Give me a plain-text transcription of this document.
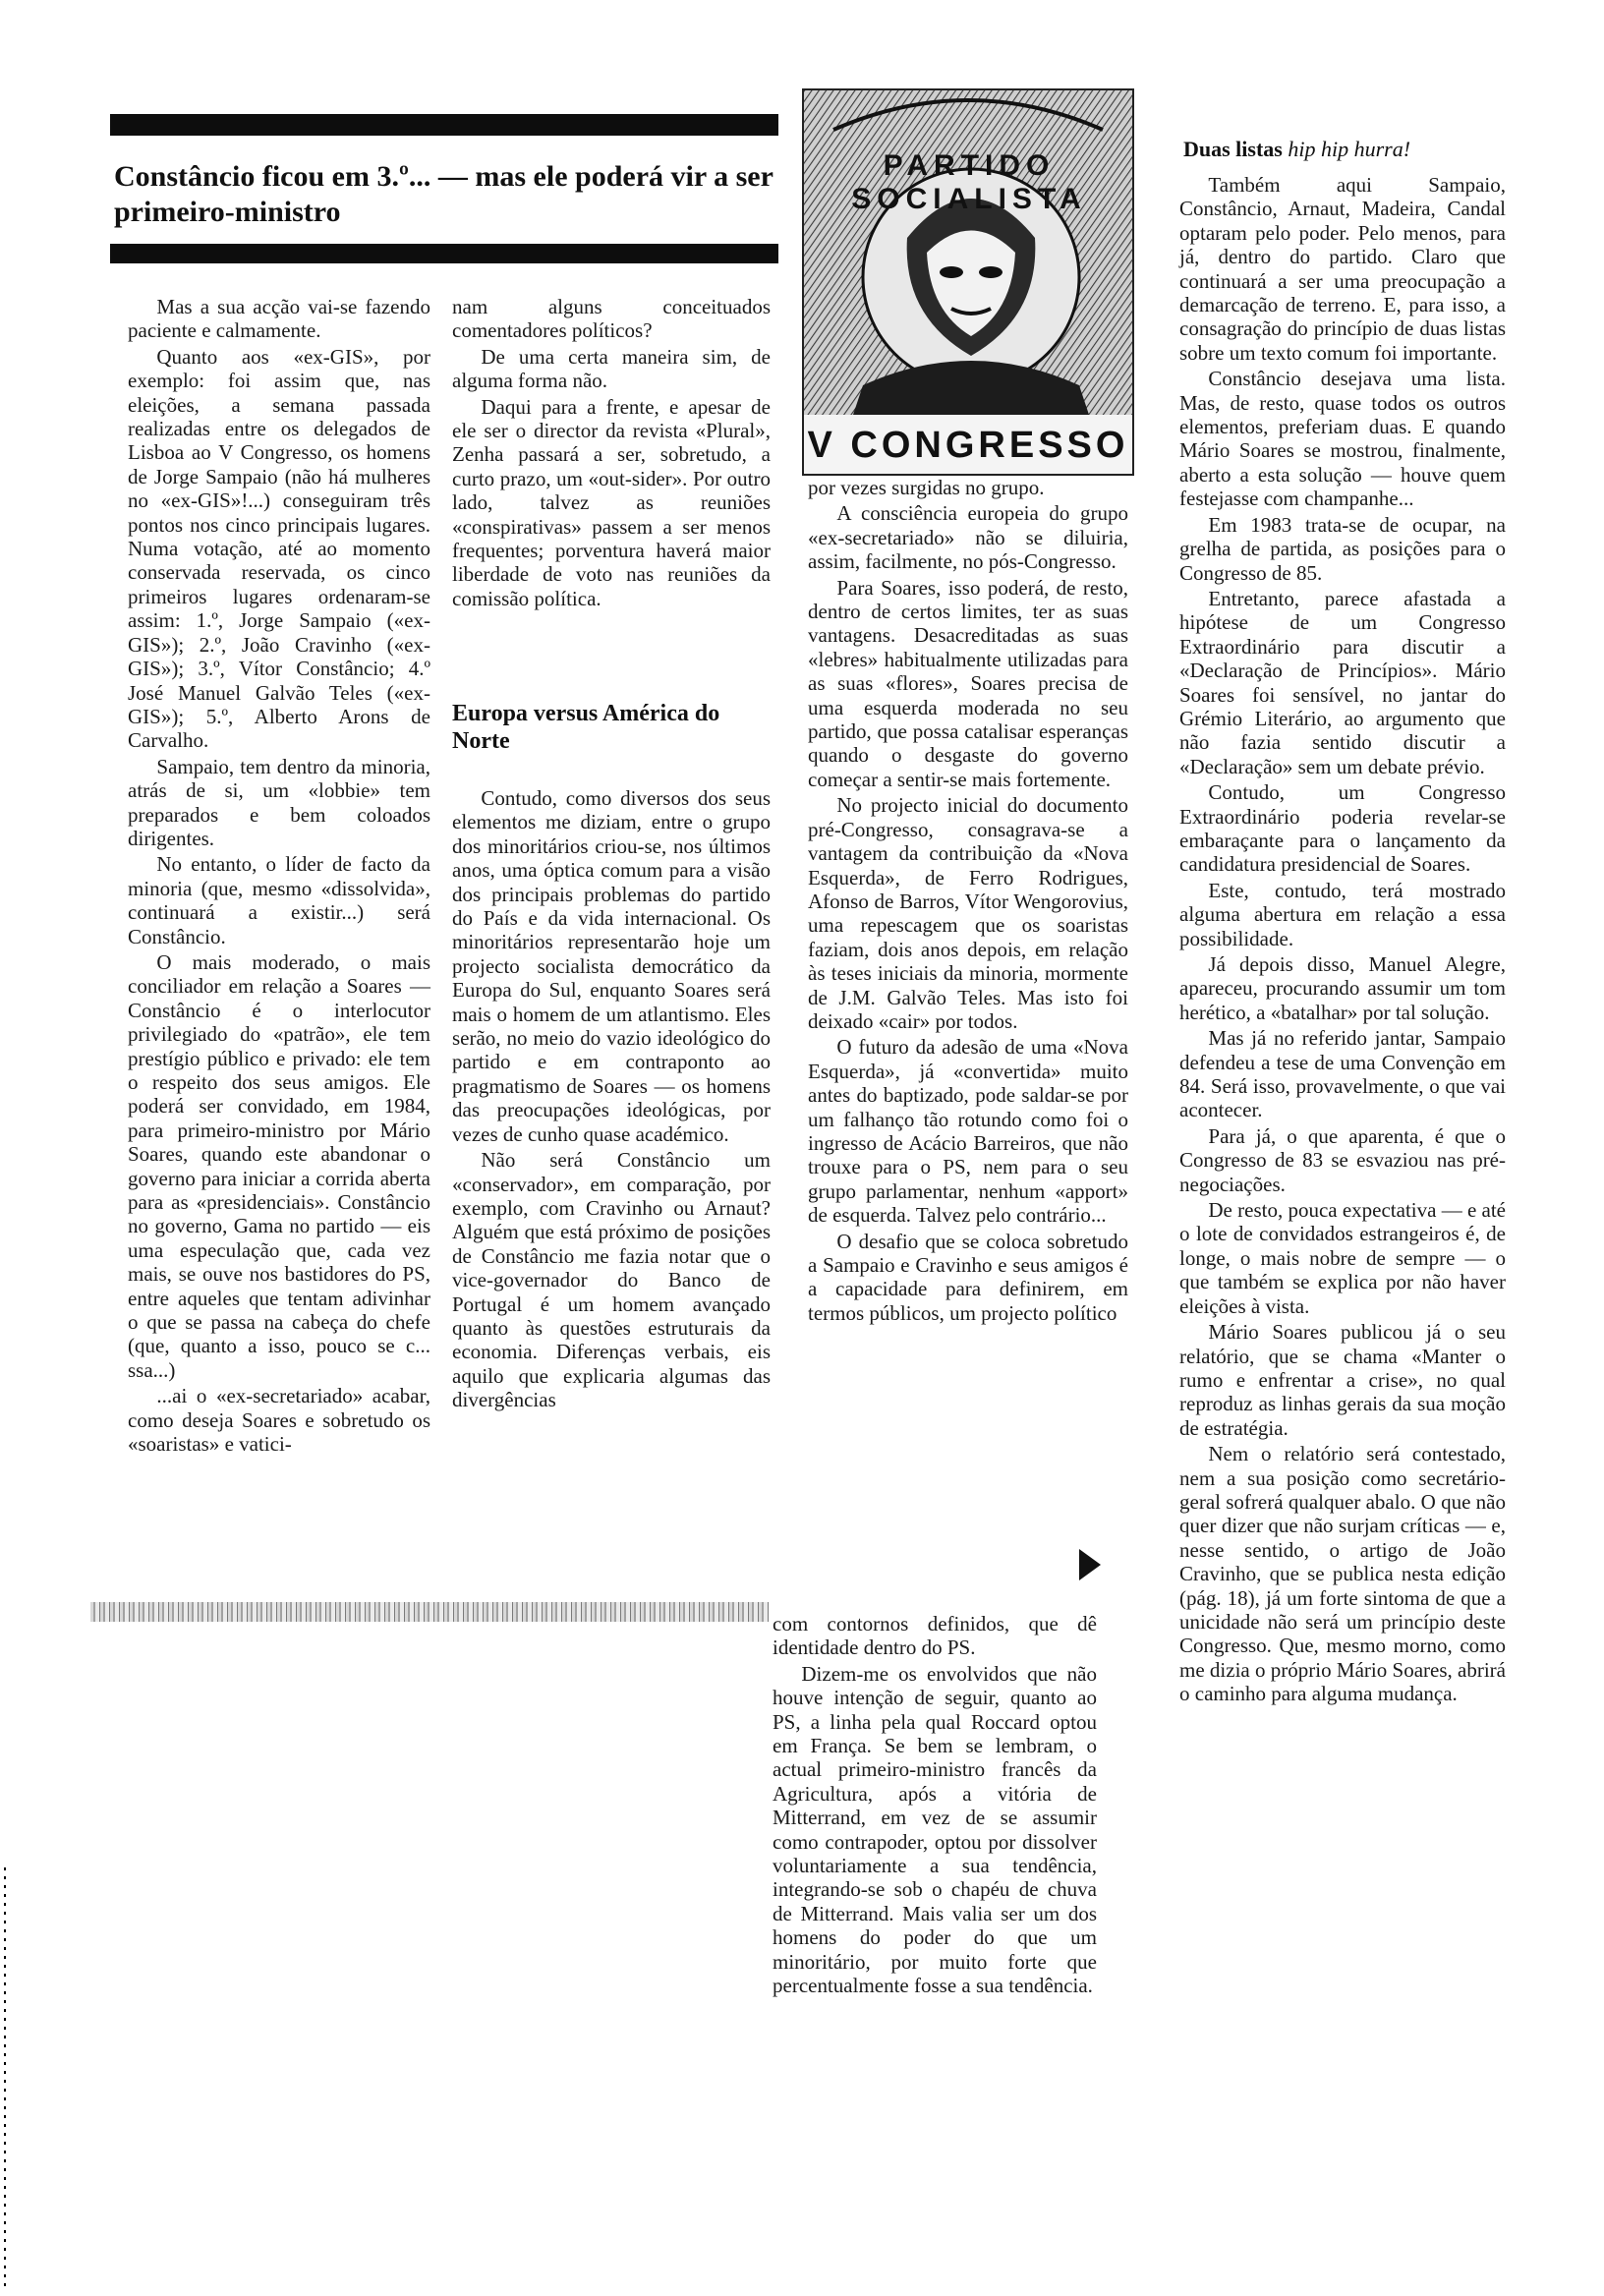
Constâncio ficou em 3.º... — mas ele poderá vir a ser primeiro-ministro
PARTIDO SOCIALISTA
V CONGRESSO

Mas a sua acção vai-se fazendo paciente e calmamente.

Quanto aos «ex-GIS», por exemplo: foi assim que, nas eleições, a semana passada realizadas entre os delegados de Lisboa ao V Congresso, os homens de Jorge Sampaio (não há mulheres no «ex-GIS»!...) conseguiram três pontos nos cinco principais lugares. Numa votação, até ao momento conservada reservada, os cinco primeiros lugares ordenaram-se assim: 1.º, Jorge Sampaio («ex-GIS»); 2.º, João Cravinho («ex-GIS»); 3.º, Vítor Constâncio; 4.º José Manuel Galvão Teles («ex-GIS»); 5.º, Alberto Arons de Carvalho.

Sampaio, tem dentro da minoria, atrás de si, um «lobbie» tem preparados e bem coloados dirigentes.

No entanto, o líder de facto da minoria (que, mesmo «dissolvida», continuará a existir...) será Constâncio.

O mais moderado, o mais conciliador em relação a Soares — Constâncio é o interlocutor privilegiado do «patrão», ele tem prestígio público e privado: ele tem o respeito dos seus amigos. Ele poderá ser convidado, em 1984, para primeiro-ministro por Mário Soares, quando este abandonar o governo para iniciar a corrida aberta para as «presidenciais». Constâncio no governo, Gama no partido — eis uma especulação que, cada vez mais, se ouve nos bastidores do PS, entre aqueles que tentam adivinhar o que se passa na cabeça do chefe (que, quanto a isso, pouco se c... ssa...)

...ai o «ex-secretariado» acabar, como deseja Soares e sobretudo os «soaristas» e vatici-

nam alguns conceituados comentadores políticos?

De uma certa maneira sim, de alguma forma não.

Daqui para a frente, e apesar de ele ser o director da revista «Plural», Zenha passará a ser, sobretudo, a curto prazo, um «out-sider». Por outro lado, talvez as reuniões «conspirativas» passem a ser menos frequentes; porventura haverá maior liberdade de voto nas reuniões da comissão política.

Europa versus América do Norte

Contudo, como diversos dos seus elementos me diziam, entre o grupo dos minoritários criou-se, nos últimos anos, uma óptica comum para a visão dos principais problemas do partido do País e da vida internacional. Os minoritários representarão hoje um projecto socialista democrático da Europa do Sul, enquanto Soares será mais o homem de um atlantismo. Eles serão, no meio do vazio ideológico do partido e em contraponto ao pragmatismo de Soares — os homens das preocupações ideológicas, por vezes de cunho quase académico.

Não será Constâncio um «conservador», em comparação, por exemplo, com Cravinho ou Arnaut? Alguém que está próximo de posições de Constâncio me fazia notar que o vice-governador do Banco de Portugal é um homem avançado quanto às questões estruturais da economia. Diferenças verbais, eis aquilo que explicaria algumas das divergências

por vezes surgidas no grupo.

A consciência europeia do grupo «ex-secretariado» não se diluiria, assim, facilmente, no pós-Congresso.

Para Soares, isso poderá, de resto, dentro de certos limites, ter as suas vantagens. Desacreditadas as suas «lebres» habitualmente utilizadas para as suas «flores», Soares precisa de uma esquerda moderada no seu partido, que possa catalisar esperanças quando o desgaste do governo começar a sentir-se mais fortemente.

No projecto inicial do documento pré-Congresso, consagrava-se a vantagem da contribuição da «Nova Esquerda», de Ferro Rodrigues, Afonso de Barros, Vítor Wengorovius, uma repescagem que os soaristas faziam, dois anos depois, em relação às teses iniciais da minoria, mormente de J.M. Galvão Teles. Mas isto foi deixado «cair» por todos.

O futuro da adesão de uma «Nova Esquerda», já «convertida» muito antes do baptizado, pode saldar-se por um falhanço tão rotundo como foi o ingresso de Acácio Barreiros, que não trouxe para o PS, nem para o seu grupo parlamentar, nenhum «apport» de esquerda. Talvez pelo contrário...

O desafio que se coloca sobretudo a Sampaio e Cravinho e seus amigos é a capacidade para definirem, em termos públicos, um projecto político

com contornos definidos, que dê identidade dentro do PS.

Dizem-me os envolvidos que não houve intenção de seguir, quanto ao PS, a linha pela qual Roccard optou em França. Se bem se lembram, o actual primeiro-ministro francês da Agricultura, após a vitória de Mitterrand, em vez de se assumir como contrapoder, optou por dissolver voluntariamente a sua tendência, integrando-se sob o chapéu de chuva de Mitterrand. Mais valia ser um dos homens do poder do que um minoritário, por muito forte que percentualmente fosse a sua tendência.

Duas listas hip hip hurra!

Também aqui Sampaio, Constâncio, Arnaut, Madeira, Candal optaram pelo poder. Pelo menos, para já, dentro do partido. Claro que continuará a ser uma preocupação a demarcação de terreno. E, para isso, a consagração do princípio de duas listas sobre um texto comum foi importante.

Constâncio desejava uma lista. Mas, de resto, quase todos os outros elementos, preferiam duas. E quando Mário Soares se mostrou, finalmente, aberto a esta solução — houve quem festejasse com champanhe...

Em 1983 trata-se de ocupar, na grelha de partida, as posições para o Congresso de 85.

Entretanto, parece afastada a hipótese de um Congresso Extraordinário para discutir a «Declaração de Princípios». Mário Soares foi sensível, no jantar do Grémio Literário, ao argumento que não fazia sentido discutir a «Declaração» sem um debate prévio.

Contudo, um Congresso Extraordinário poderia revelar-se embaraçante para o lançamento da candidatura presidencial de Soares.

Este, contudo, terá mostrado alguma abertura em relação a essa possibilidade.

Já depois disso, Manuel Alegre, apareceu, procurando assumir um tom herético, a «batalhar» por tal solução.

Mas já no referido jantar, Sampaio defendeu a tese de uma Convenção em 84. Será isso, provavelmente, o que vai acontecer.

Para já, o que aparenta, é que o Congresso de 83 se esvaziou nas pré-negociações.

De resto, pouca expectativa — e até o lote de convidados estrangeiros é, de longe, o mais nobre de sempre — o que também se explica por não haver eleições à vista.

Mário Soares publicou já o seu relatório, que se chama «Manter o rumo e enfrentar a crise», no qual reproduz as linhas gerais da sua moção de estratégia.

Nem o relatório será contestado, nem a sua posição como secretário-geral sofrerá qualquer abalo. O que não quer dizer que não surjam críticas — e, nesse sentido, o artigo de João Cravinho, que se publica nesta edição (pág. 18), já um forte sintoma de que a unicidade não será um princípio deste Congresso. Que, mesmo morno, como me dizia o próprio Mário Soares, abrirá o caminho para alguma mudança.
